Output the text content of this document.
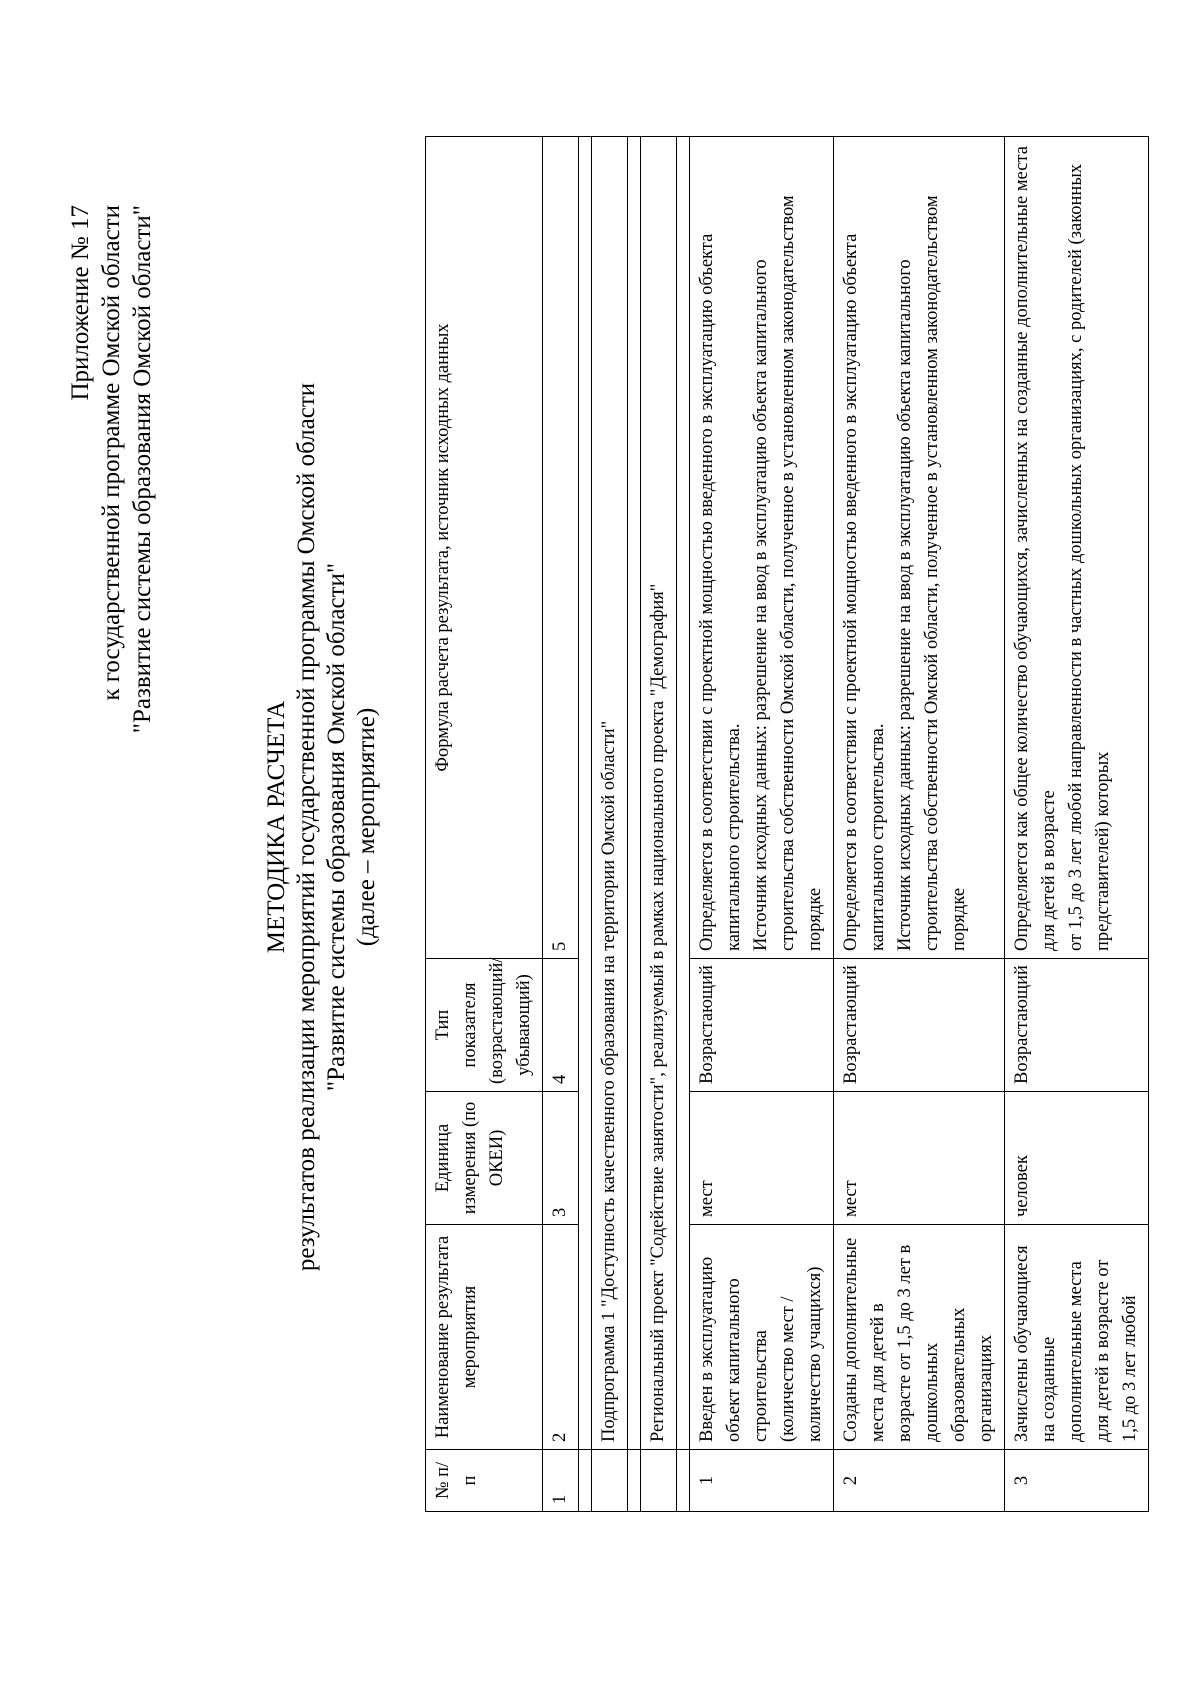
Приложение № 17 к государственной программе Омской области "Развитие системы образования Омской области"
МЕТОДИКА РАСЧЕТА результатов реализации мероприятий государственной программы Омской области "Развитие системы образования Омской области" (далее – мероприятие)
№ п/п	Наименование результата мероприятия	Единица измерения (по ОКЕИ)	Тип показателя (возрастающий/ убывающий)	Формула расчета результата, источник исходных данных
1	2	3	4	5

	Подпрограмма 1 "Доступность качественного образования на территории Омской области"			

	Региональный проект "Содействие занятости", реализуемый в рамках национального проекта "Демография"			

1	Введен в эксплуатацию объект капитального строительства (количество мест / количество учащихся)	мест	Возрастающий	Определяется в соответствии с проектной мощностью введенного в эксплуатацию объекта капитального строительства. Источник исходных данных: разрешение на ввод в эксплуатацию объекта капитального строительства собственности Омской области, полученное в установленном законодательством порядке

2	Созданы дополнительные места для детей в возрасте от 1,5 до 3 лет в дошкольных образовательных организациях	мест	Возрастающий	Определяется в соответствии с проектной мощностью введенного в эксплуатацию объекта капитального строительства. Источник исходных данных: разрешение на ввод в эксплуатацию объекта капитального строительства собственности Омской области, полученное в установленном законодательством порядке

3	Зачислены обучающиеся на созданные дополнительные места для детей в возрасте от 1,5 до 3 лет любой	человек	Возрастающий	Определяется как общее количество обучающихся, зачисленных на созданные дополнительные места для детей в возрасте от 1,5 до 3 лет любой направленности в частных дошкольных организациях, с родителей (законных представителей) которых
